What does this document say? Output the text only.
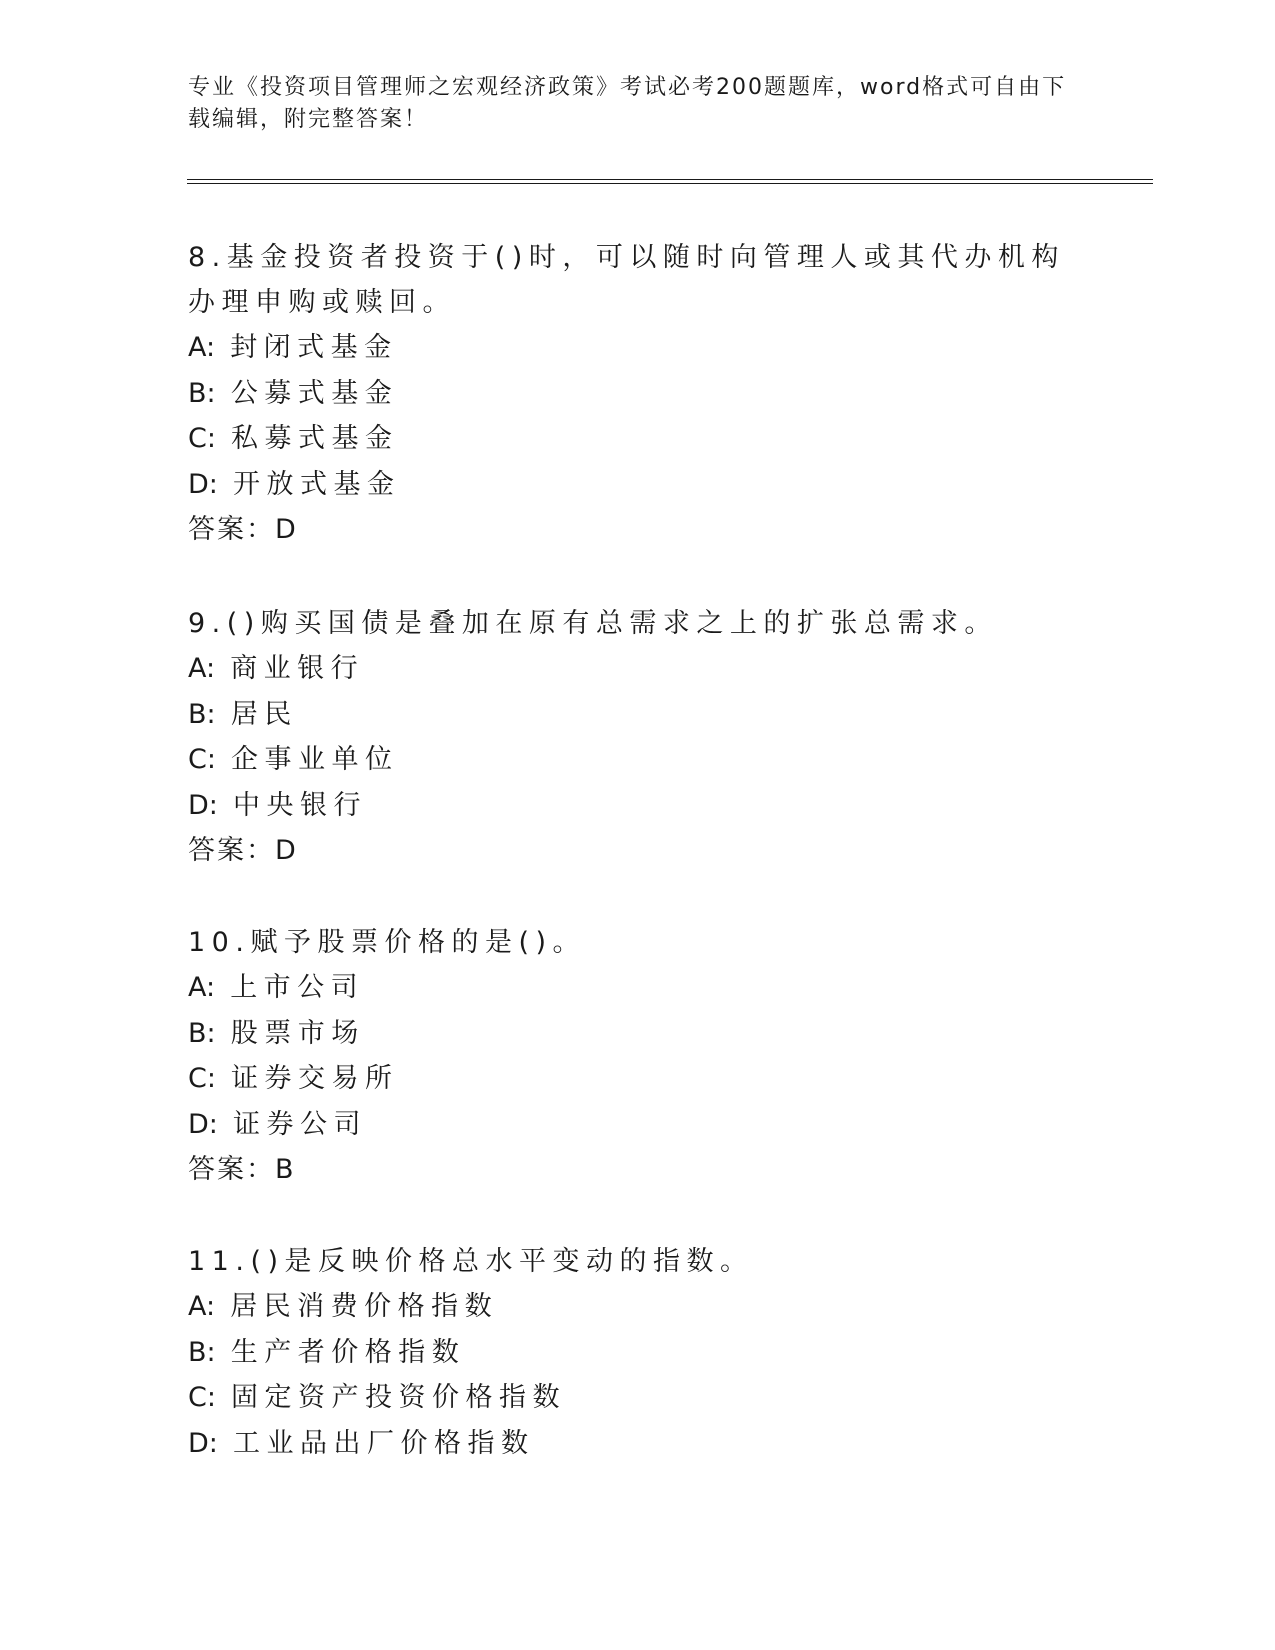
专业《投资项目管理师之宏观经济政策》考试必考200题题库，word格式可自由下载编辑，附完整答案！

8.基金投资者投资于()时，可以随时向管理人或其代办机构办理申购或赎回。

A: 封闭式基金
B: 公募式基金
C: 私募式基金
D: 开放式基金
答案：D

9.()购买国债是叠加在原有总需求之上的扩张总需求。

A: 商业银行
B: 居民
C: 企事业单位
D: 中央银行
答案：D

10.赋予股票价格的是()。

A: 上市公司
B: 股票市场
C: 证券交易所
D: 证券公司
答案：B

11.()是反映价格总水平变动的指数。

A: 居民消费价格指数
B: 生产者价格指数
C: 固定资产投资价格指数
D: 工业品出厂价格指数
